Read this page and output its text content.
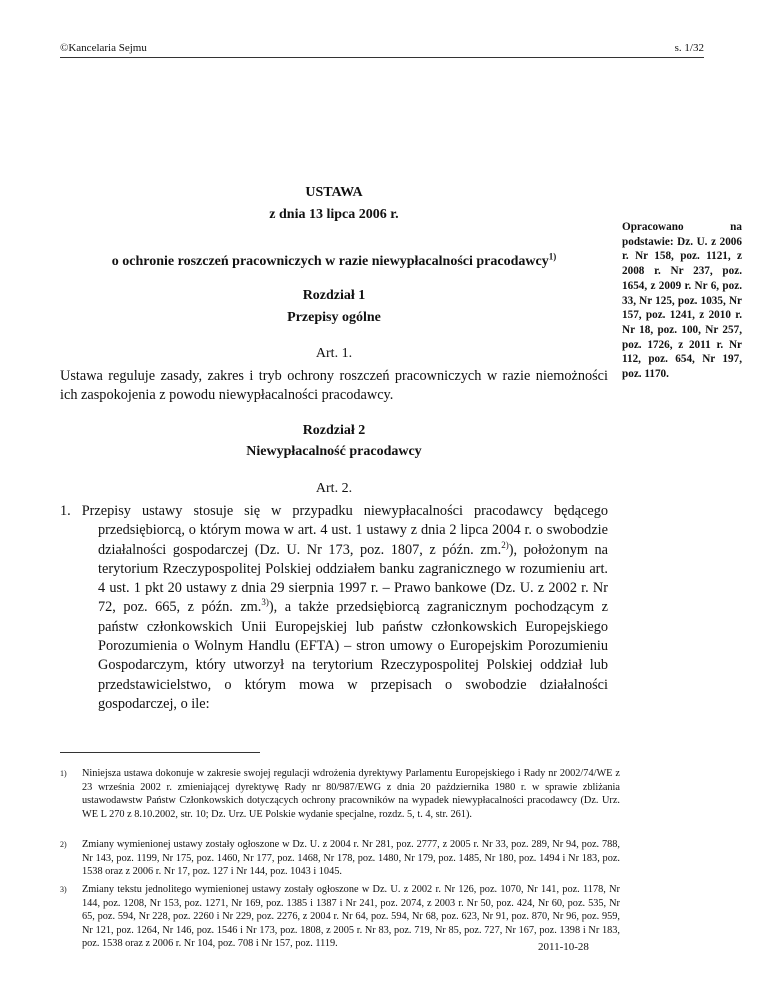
©Kancelaria Sejmu	s. 1/32
USTAWA
z dnia 13 lipca 2006 r.
o ochronie roszczeń pracowniczych w razie niewypłacalności pracodawcy$^{1)}$
Opracowano na podstawie: Dz. U. z 2006 r. Nr 158, poz. 1121, z 2008 r. Nr 237, poz. 1654, z 2009 r. Nr 6, poz. 33, Nr 125, poz. 1035, Nr 157, poz. 1241, z 2010 r. Nr 18, poz. 100, Nr 257, poz. 1726, z 2011 r. Nr 112, poz. 654, Nr 197, poz. 1170.
Rozdział 1
Przepisy ogólne
Art. 1.
Ustawa reguluje zasady, zakres i tryb ochrony roszczeń pracowniczych w razie niemożności ich zaspokojenia z powodu niewypłacalności pracodawcy.
Rozdział 2
Niewypłacalność pracodawcy
Art. 2.
1. Przepisy ustawy stosuje się w przypadku niewypłacalności pracodawcy będącego przedsiębiorcą, o którym mowa w art. 4 ust. 1 ustawy z dnia 2 lipca 2004 r. o swobodzie działalności gospodarczej (Dz. U. Nr 173, poz. 1807, z późn. zm.$^{2)}$), położonym na terytorium Rzeczypospolitej Polskiej oddziałem banku zagranicznego w rozumieniu art. 4 ust. 1 pkt 20 ustawy z dnia 29 sierpnia 1997 r. – Prawo bankowe (Dz. U. z 2002 r. Nr 72, poz. 665, z późn. zm.$^{3)}$), a także przedsiębiorcą zagranicznym pochodzącym z państw członkowskich Unii Europejskiej lub państw członkowskich Europejskiego Porozumienia o Wolnym Handlu (EFTA) – stron umowy o Europejskim Porozumieniu Gospodarczym, który utworzył na terytorium Rzeczypospolitej Polskiej oddział lub przedstawicielstwo, o którym mowa w przepisach o swobodzie działalności gospodarczej, o ile:
1) Niniejsza ustawa dokonuje w zakresie swojej regulacji wdrożenia dyrektywy Parlamentu Europejskiego i Rady nr 2002/74/WE z 23 września 2002 r. zmieniającej dyrektywę Rady nr 80/987/EWG z dnia 20 października 1980 r. w sprawie zbliżania ustawodawstw Państw Członkowskich dotyczących ochrony pracowników na wypadek niewypłacalności pracodawcy (Dz. Urz. WE L 270 z 8.10.2002, str. 10; Dz. Urz. UE Polskie wydanie specjalne, rozdz. 5, t. 4, str. 261).
2) Zmiany wymienionej ustawy zostały ogłoszone w Dz. U. z 2004 r. Nr 281, poz. 2777, z 2005 r. Nr 33, poz. 289, Nr 94, poz. 788, Nr 143, poz. 1199, Nr 175, poz. 1460, Nr 177, poz. 1468, Nr 178, poz. 1480, Nr 179, poz. 1485, Nr 180, poz. 1494 i Nr 183, poz. 1538 oraz z 2006 r. Nr 17, poz. 127 i Nr 144, poz. 1043 i 1045.
3) Zmiany tekstu jednolitego wymienionej ustawy zostały ogłoszone w Dz. U. z 2002 r. Nr 126, poz. 1070, Nr 141, poz. 1178, Nr 144, poz. 1208, Nr 153, poz. 1271, Nr 169, poz. 1385 i 1387 i Nr 241, poz. 2074, z 2003 r. Nr 50, poz. 424, Nr 60, poz. 535, Nr 65, poz. 594, Nr 228, poz. 2260 i Nr 229, poz. 2276, z 2004 r. Nr 64, poz. 594, Nr 68, poz. 623, Nr 91, poz. 870, Nr 96, poz. 959, Nr 121, poz. 1264, Nr 146, poz. 1546 i Nr 173, poz. 1808, z 2005 r. Nr 83, poz. 719, Nr 85, poz. 727, Nr 167, poz. 1398 i Nr 183, poz. 1538 oraz z 2006 r. Nr 104, poz. 708 i Nr 157, poz. 1119.	2011-10-28
